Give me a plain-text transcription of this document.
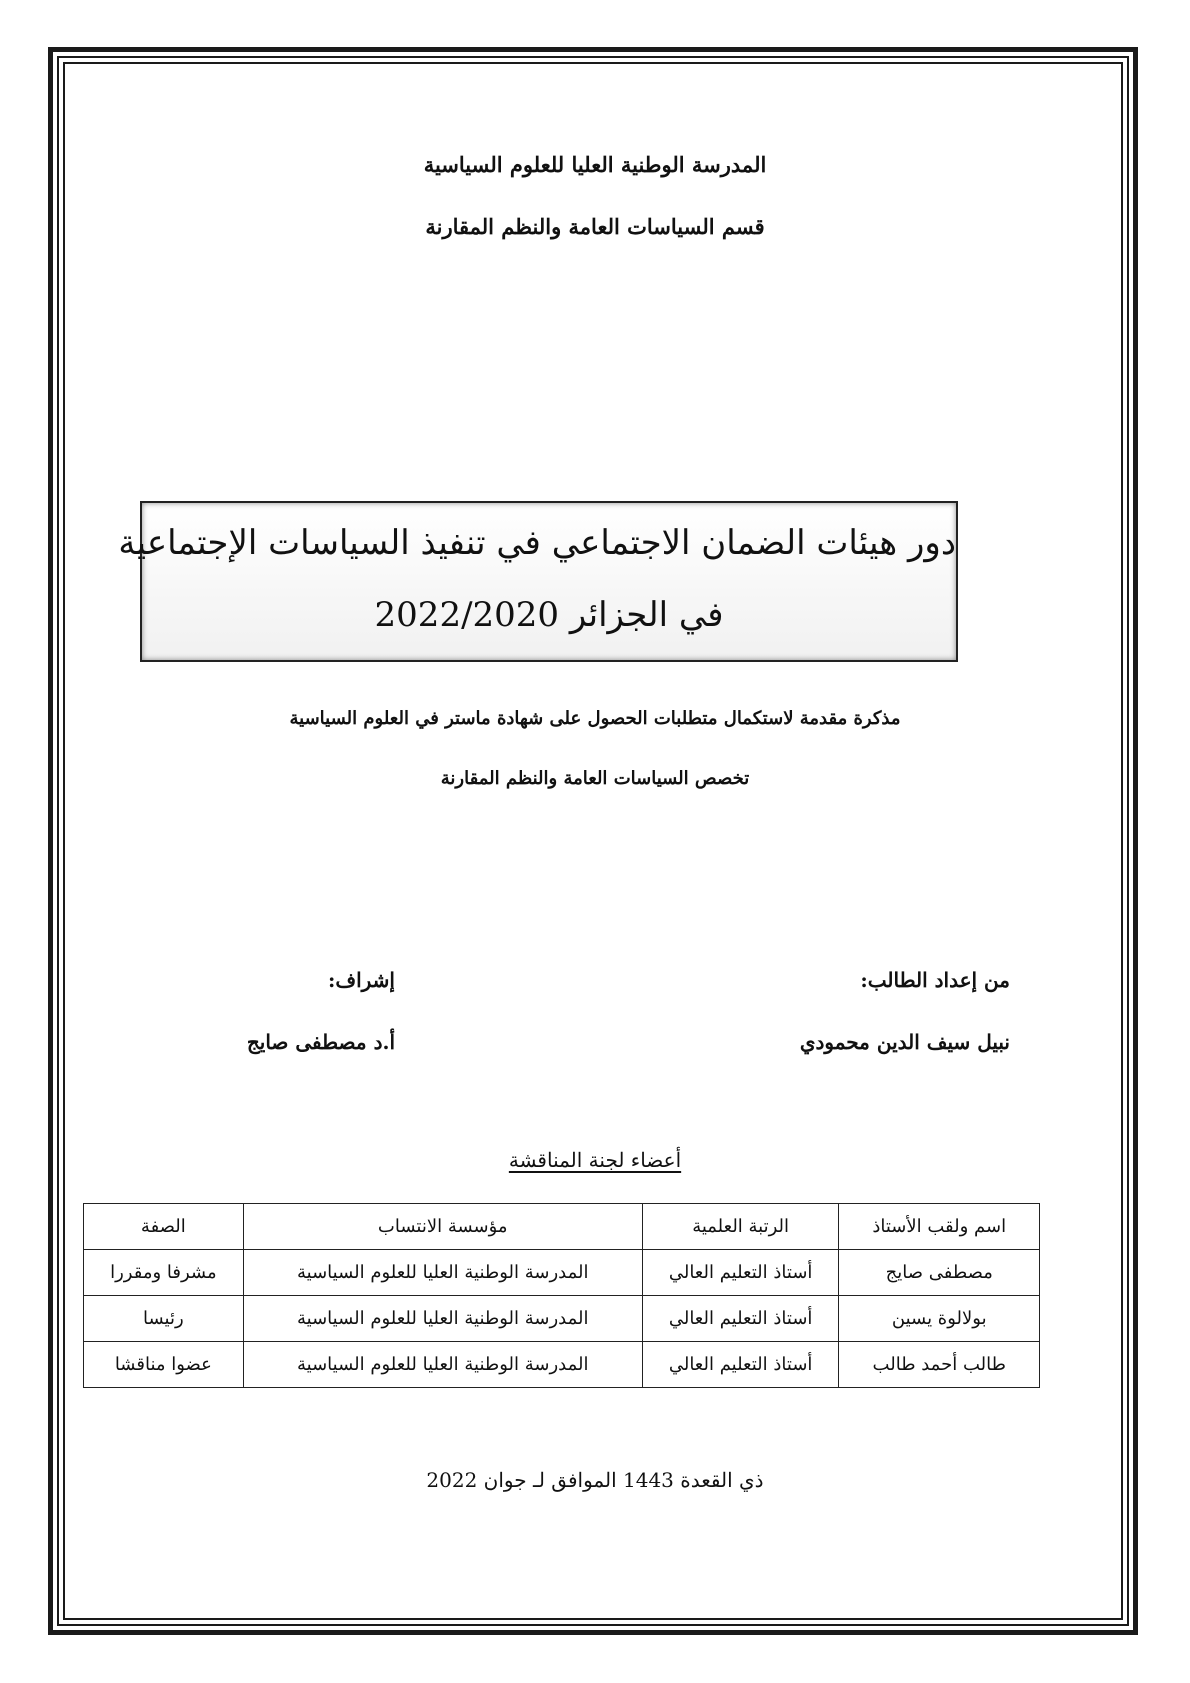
المدرسة الوطنية العليا للعلوم السياسية
قسم السياسات العامة والنظم المقارنة
دور هيئات الضمان الاجتماعي في تنفيذ السياسات الإجتماعية
في الجزائر 2022/2020
مذكرة مقدمة لاستكمال متطلبات الحصول على شهادة ماستر في العلوم السياسية
تخصص السياسات العامة والنظم المقارنة
من إعداد الطالب:
نبيل سيف الدين محمودي
إشراف:
أ.د مصطفى صايج
أعضاء لجنة المناقشة
اسم ولقب الأستاذ	الرتبة العلمية	مؤسسة الانتساب	الصفة
مصطفى صايج	أستاذ التعليم العالي	المدرسة الوطنية العليا للعلوم السياسية	مشرفا ومقررا
بولالوة يسين	أستاذ التعليم العالي	المدرسة الوطنية العليا للعلوم السياسية	رئيسا
طالب أحمد طالب	أستاذ التعليم العالي	المدرسة الوطنية العليا للعلوم السياسية	عضوا مناقشا
ذي القعدة 1443 الموافق لـ جوان 2022
